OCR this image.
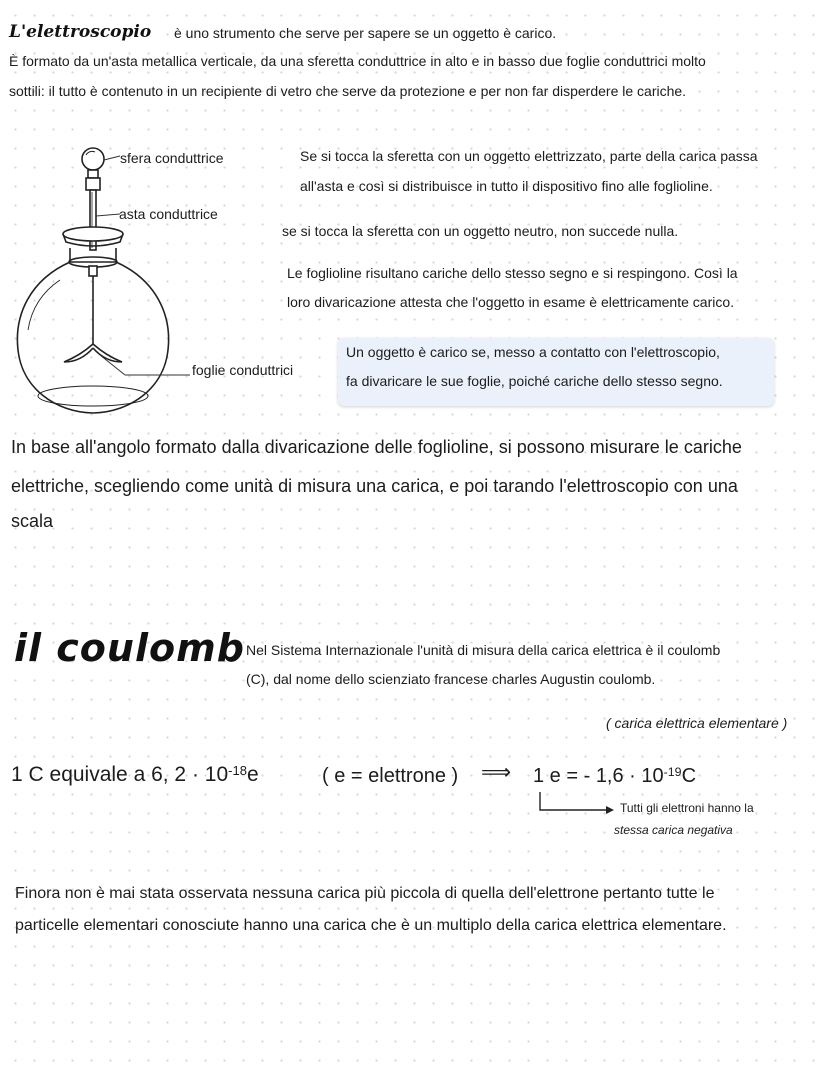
L'elettroscopio è uno strumento che serve per sapere se un oggetto è carico.
È formato da un'asta metallica verticale, da una sferetta conduttrice in alto e in basso due foglie conduttrici molto
sottili: il tutto è contenuto in un recipiente di vetro che serve da protezione e per non far disperdere le cariche.
sfera conduttrice
asta conduttrice
foglie conduttrici
Se si tocca la sferetta con un oggetto elettrizzato, parte della carica passa
all'asta e così si distribuisce in tutto il dispositivo fino alle foglioline.
se si tocca la sferetta con un oggetto neutro, non succede nulla.
Le foglioline risultano cariche dello stesso segno e si respingono. Così la
loro divaricazione attesta che l'oggetto in esame è elettricamente carico.
Un oggetto è carico se, messo a contatto con l'elettroscopio,
fa divaricare le sue foglie, poiché cariche dello stesso segno.
In base all'angolo formato dalla divaricazione delle foglioline, si possono misurare le cariche
elettriche, scegliendo come unità di misura una carica, e poi tarando l'elettroscopio con una
scala
il coulomb Nel Sistema Internazionale l'unità di misura della carica elettrica è il coulomb
(C), dal nome dello scienziato francese charles Augustin coulomb.
( carica elettrica elementare )
1 C equivale a 6, $2 \cdot 10^{-18}e$	( e = elettrone ) ⟹ 1 e = - $1,6 \cdot 10^{-19}C$
Tutti gli elettroni hanno la
stessa carica negativa
Finora non è mai stata osservata nessuna carica più piccola di quella dell'elettrone pertanto tutte le
particelle elementari conosciute hanno una carica che è un multiplo della carica elettrica elementare.
